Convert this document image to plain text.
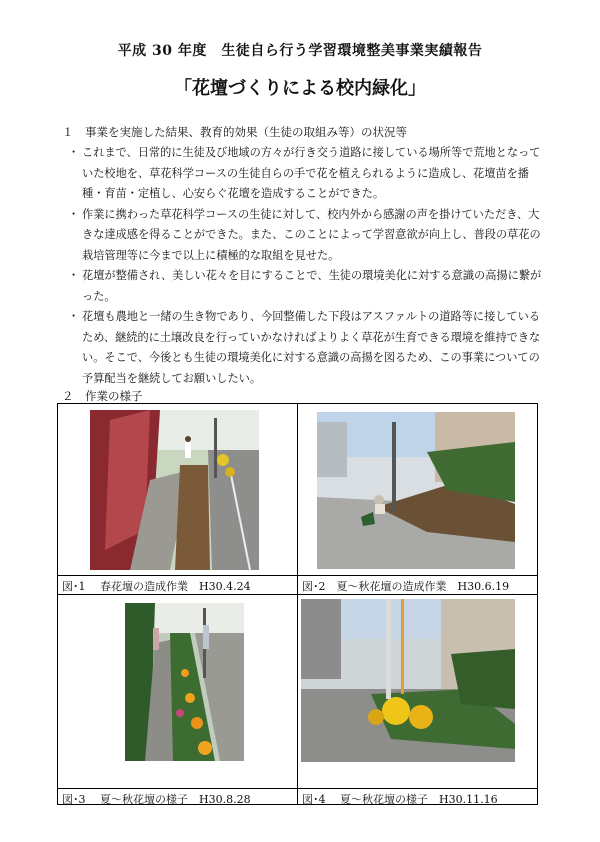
平成 30 年度　生徒自ら行う学習環境整美事業実績報告
「花壇づくりによる校内緑化」
１　事業を実施した結果、教育的効果（生徒の取組み等）の状況等

・ これまで、日常的に生徒及び地域の方々が行き交う道路に接している場所等で荒地となっていた校地を、草花科学コースの生徒自らの手で花を植えられるように造成し、花壇苗を播種・育苗・定植し、心安らぐ花壇を造成することができた。

・ 作業に携わった草花科学コースの生徒に対して、校内外から感謝の声を掛けていただき、大きな達成感を得ることができた。また、このことによって学習意欲が向上し、普段の草花の栽培管理等に今まで以上に積極的な取組を見せた。

・ 花壇が整備され、美しい花々を目にすることで、生徒の環境美化に対する意識の高揚に繋がった。

・ 花壇も農地と一緒の生き物であり、今回整備した下段はアスファルトの道路等に接しているため、継続的に土壌改良を行っていかなければよりよく草花が生育できる環境を維持できない。そこで、今後とも生徒の環境美化に対する意識の高揚を図るため、この事業についての予算配当を継続してお願いしたい。

２　作業の様子
図･1　 春花壇の造成作業　H30.4.24	図･2　夏～秋花壇の造成作業　H30.6.19
図･3　 夏～秋花壇の様子　H30.8.28	図･4　 夏～秋花壇の様子　H30.11.16
